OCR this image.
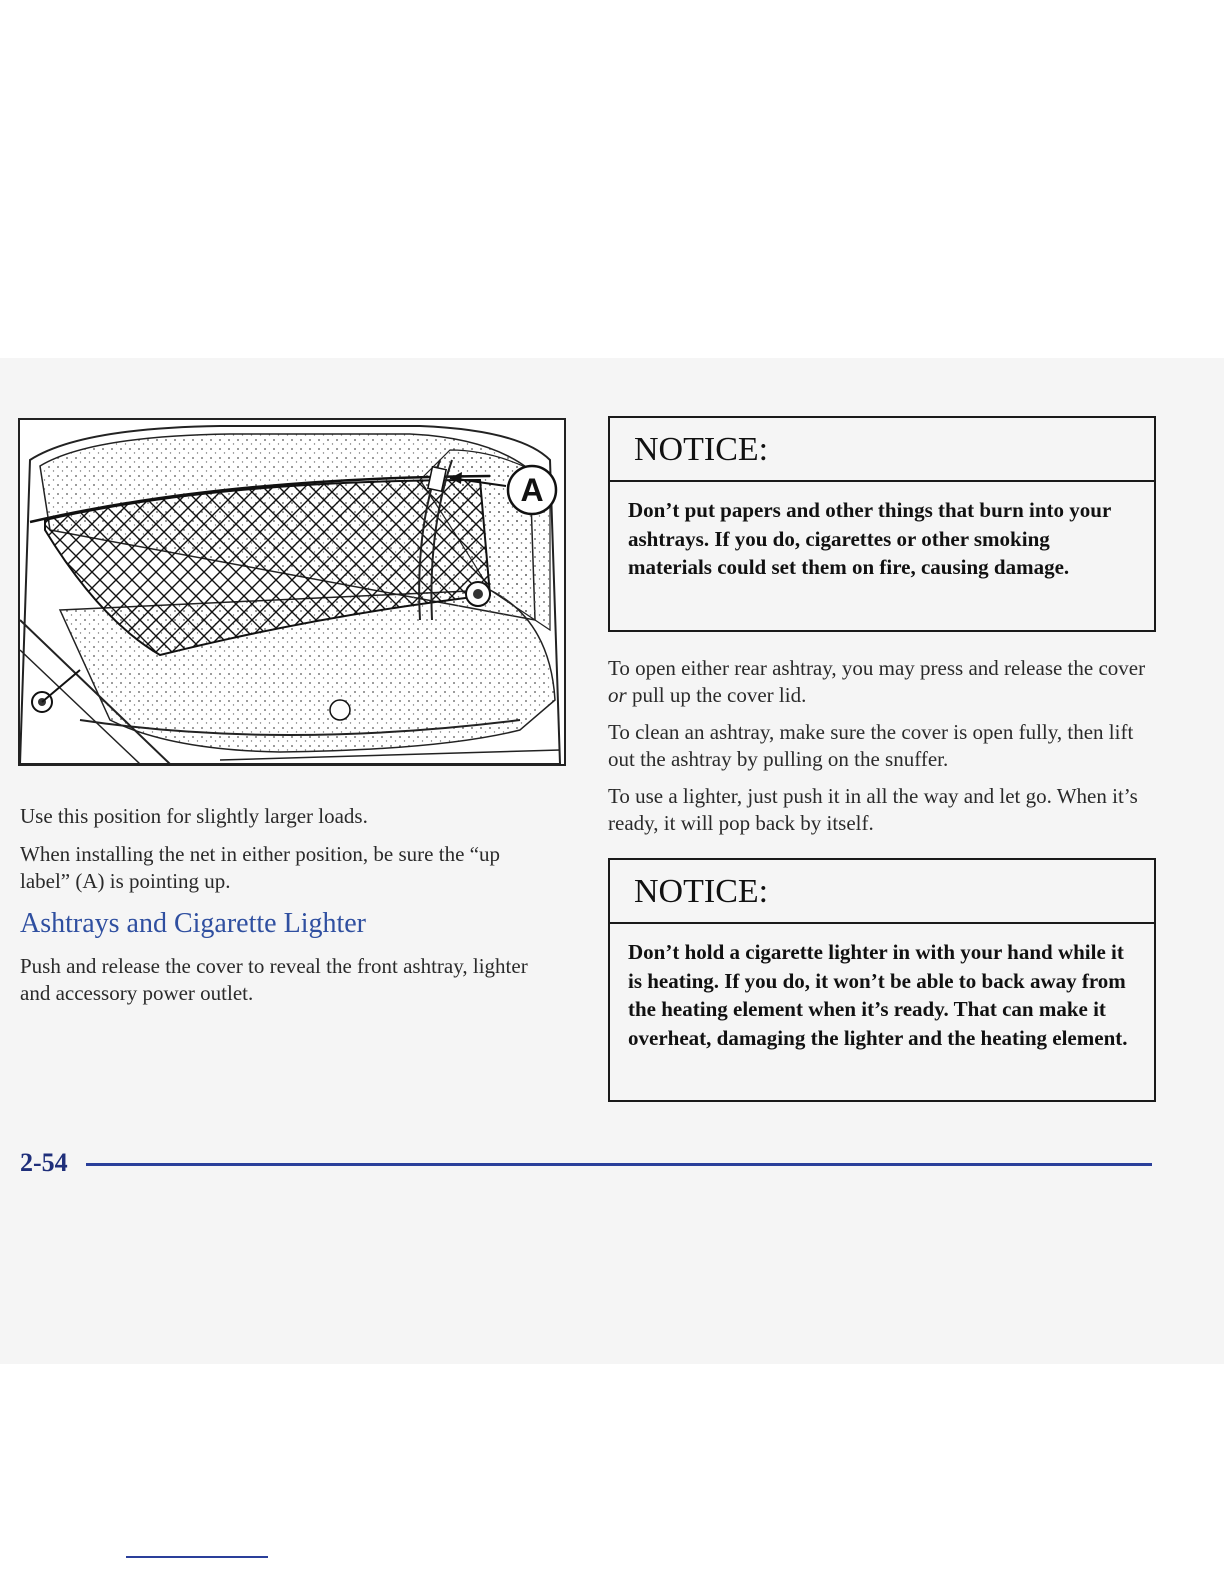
A

Use this position for slightly larger loads.

When installing the net in either position, be sure the “up label” (A) is pointing up.

Ashtrays and Cigarette Lighter

Push and release the cover to reveal the front ashtray, lighter and accessory power outlet.

NOTICE:
Don’t put papers and other things that burn into your ashtrays. If you do, cigarettes or other smoking materials could set them on fire, causing damage.

To open either rear ashtray, you may press and release the cover or pull up the cover lid.

To clean an ashtray, make sure the cover is open fully, then lift out the ashtray by pulling on the snuffer.

To use a lighter, just push it in all the way and let go. When it’s ready, it will pop back by itself.

NOTICE:
Don’t hold a cigarette lighter in with your hand while it is heating. If you do, it won’t be able to back away from the heating element when it’s ready. That can make it overheat, damaging the lighter and the heating element.
2-54
